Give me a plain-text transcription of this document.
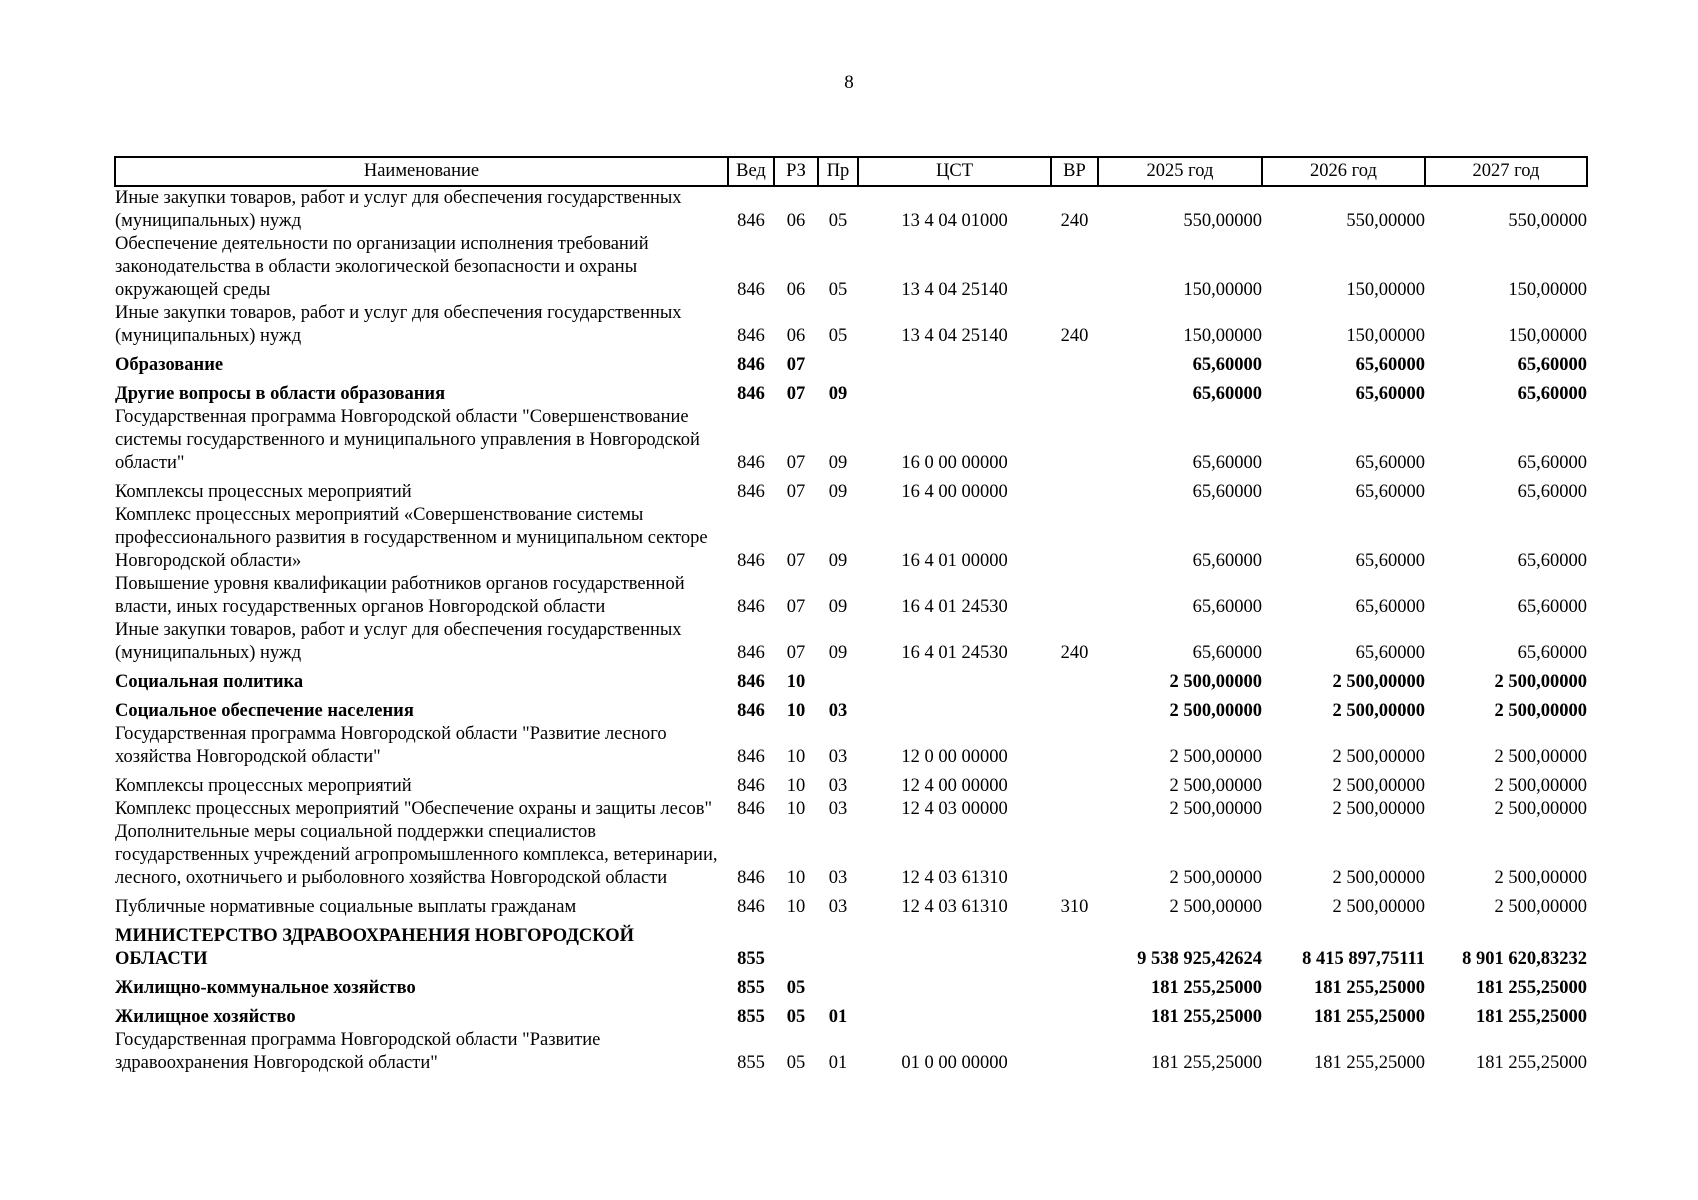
8
Наименование	Вед	РЗ	Пр	ЦСТ	ВР	2025 год	2026 год	2027 год
Иные закупки товаров, работ и услуг для обеспечения государственных (муниципальных) нужд	846	06	05	13 4 04 01000	240	550,00000	550,00000	550,00000
Обеспечение деятельности по организации исполнения требований законодательства в области экологической безопасности и охраны окружающей среды	846	06	05	13 4 04 25140		150,00000	150,00000	150,00000
Иные закупки товаров, работ и услуг для обеспечения государственных (муниципальных) нужд	846	06	05	13 4 04 25140	240	150,00000	150,00000	150,00000
Образование	846	07				65,60000	65,60000	65,60000
Другие вопросы в области образования	846	07	09			65,60000	65,60000	65,60000
Государственная программа Новгородской области "Совершенствование системы государственного и муниципального управления в Новгородской области"	846	07	09	16 0 00 00000		65,60000	65,60000	65,60000
Комплексы процессных мероприятий	846	07	09	16 4 00 00000		65,60000	65,60000	65,60000
Комплекс процессных мероприятий «Совершенствование системы профессионального развития в государственном и муниципальном секторе Новгородской области»	846	07	09	16 4 01 00000		65,60000	65,60000	65,60000
Повышение уровня квалификации работников органов государственной власти, иных государственных органов Новгородской области	846	07	09	16 4 01 24530		65,60000	65,60000	65,60000
Иные закупки товаров, работ и услуг для обеспечения государственных (муниципальных) нужд	846	07	09	16 4 01 24530	240	65,60000	65,60000	65,60000
Социальная политика	846	10				2 500,00000	2 500,00000	2 500,00000
Социальное обеспечение населения	846	10	03			2 500,00000	2 500,00000	2 500,00000
Государственная программа Новгородской области "Развитие лесного хозяйства Новгородской области"	846	10	03	12 0 00 00000		2 500,00000	2 500,00000	2 500,00000
Комплексы процессных мероприятий	846	10	03	12 4 00 00000		2 500,00000	2 500,00000	2 500,00000
Комплекс процессных мероприятий "Обеспечение охраны и защиты лесов"	846	10	03	12 4 03 00000		2 500,00000	2 500,00000	2 500,00000
Дополнительные меры социальной поддержки специалистов государственных учреждений агропромышленного комплекса, ветеринарии, лесного, охотничьего и рыболовного хозяйства Новгородской области	846	10	03	12 4 03 61310		2 500,00000	2 500,00000	2 500,00000
Публичные нормативные социальные выплаты гражданам	846	10	03	12 4 03 61310	310	2 500,00000	2 500,00000	2 500,00000
МИНИСТЕРСТВО ЗДРАВООХРАНЕНИЯ НОВГОРОДСКОЙ ОБЛАСТИ	855					9 538 925,42624	8 415 897,75111	8 901 620,83232
Жилищно-коммунальное хозяйство	855	05				181 255,25000	181 255,25000	181 255,25000
Жилищное хозяйство	855	05	01			181 255,25000	181 255,25000	181 255,25000
Государственная программа Новгородской области "Развитие здравоохранения Новгородской области"	855	05	01	01 0 00 00000		181 255,25000	181 255,25000	181 255,25000
